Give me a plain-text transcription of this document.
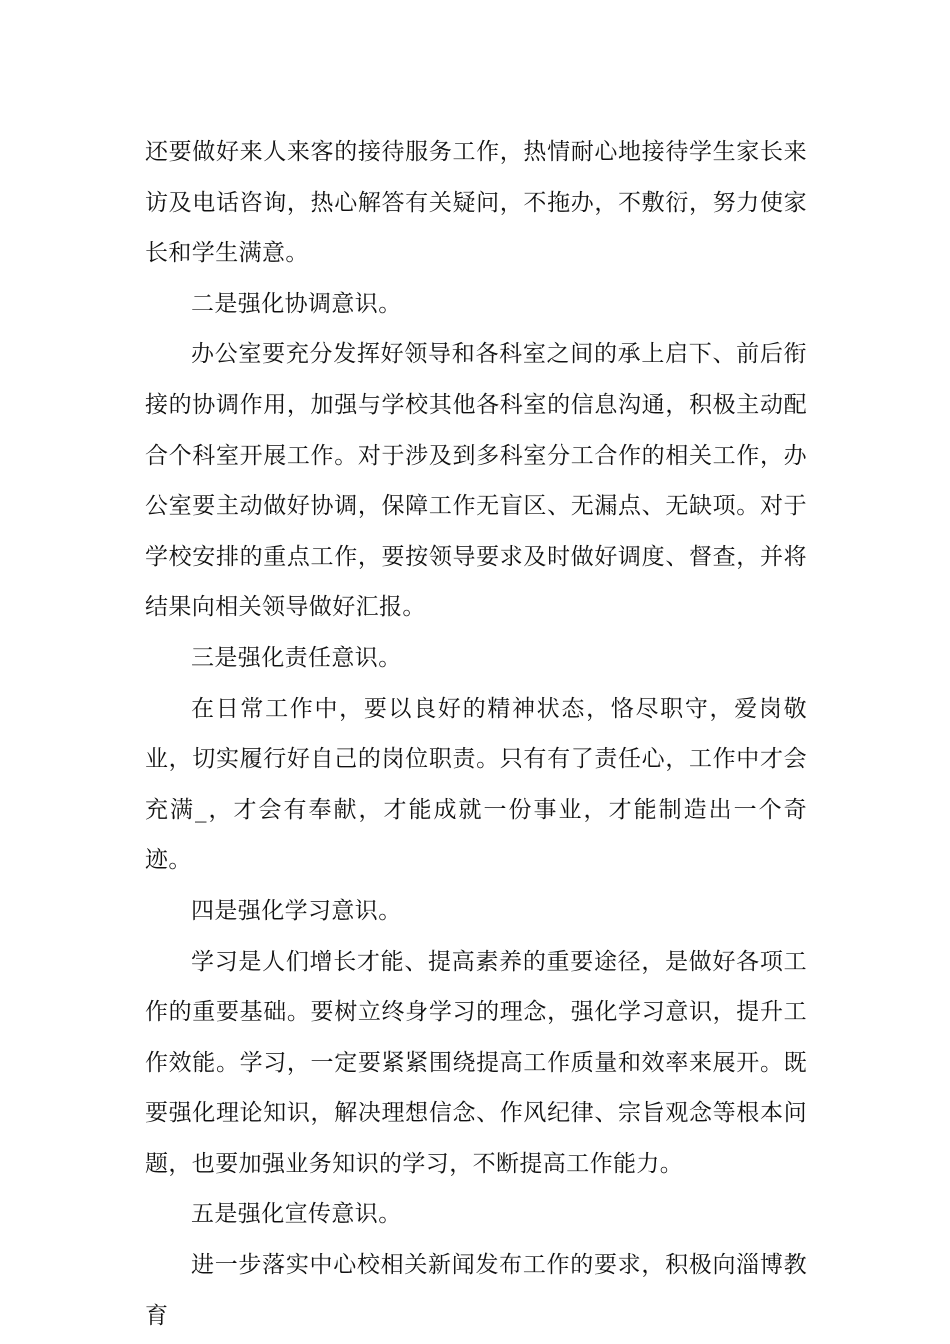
还要做好来人来客的接待服务工作，热情耐心地接待学生家长来访及电话咨询，热心解答有关疑问，不拖办，不敷衍，努力使家长和学生满意。

二是强化协调意识。

办公室要充分发挥好领导和各科室之间的承上启下、前后衔接的协调作用，加强与学校其他各科室的信息沟通，积极主动配合个科室开展工作。对于涉及到多科室分工合作的相关工作，办公室要主动做好协调，保障工作无盲区、无漏点、无缺项。对于学校安排的重点工作，要按领导要求及时做好调度、督查，并将结果向相关领导做好汇报。

三是强化责任意识。

在日常工作中，要以良好的精神状态，恪尽职守，爱岗敬业，切实履行好自己的岗位职责。只有有了责任心，工作中才会充满_，才会有奉献，才能成就一份事业，才能制造出一个奇迹。

四是强化学习意识。

学习是人们增长才能、提高素养的重要途径，是做好各项工作的重要基础。要树立终身学习的理念，强化学习意识，提升工作效能。学习，一定要紧紧围绕提高工作质量和效率来展开。既要强化理论知识，解决理想信念、作风纪律、宗旨观念等根本问题，也要加强业务知识的学习，不断提高工作能力。

五是强化宣传意识。

进一步落实中心校相关新闻发布工作的要求，积极向淄博教育
